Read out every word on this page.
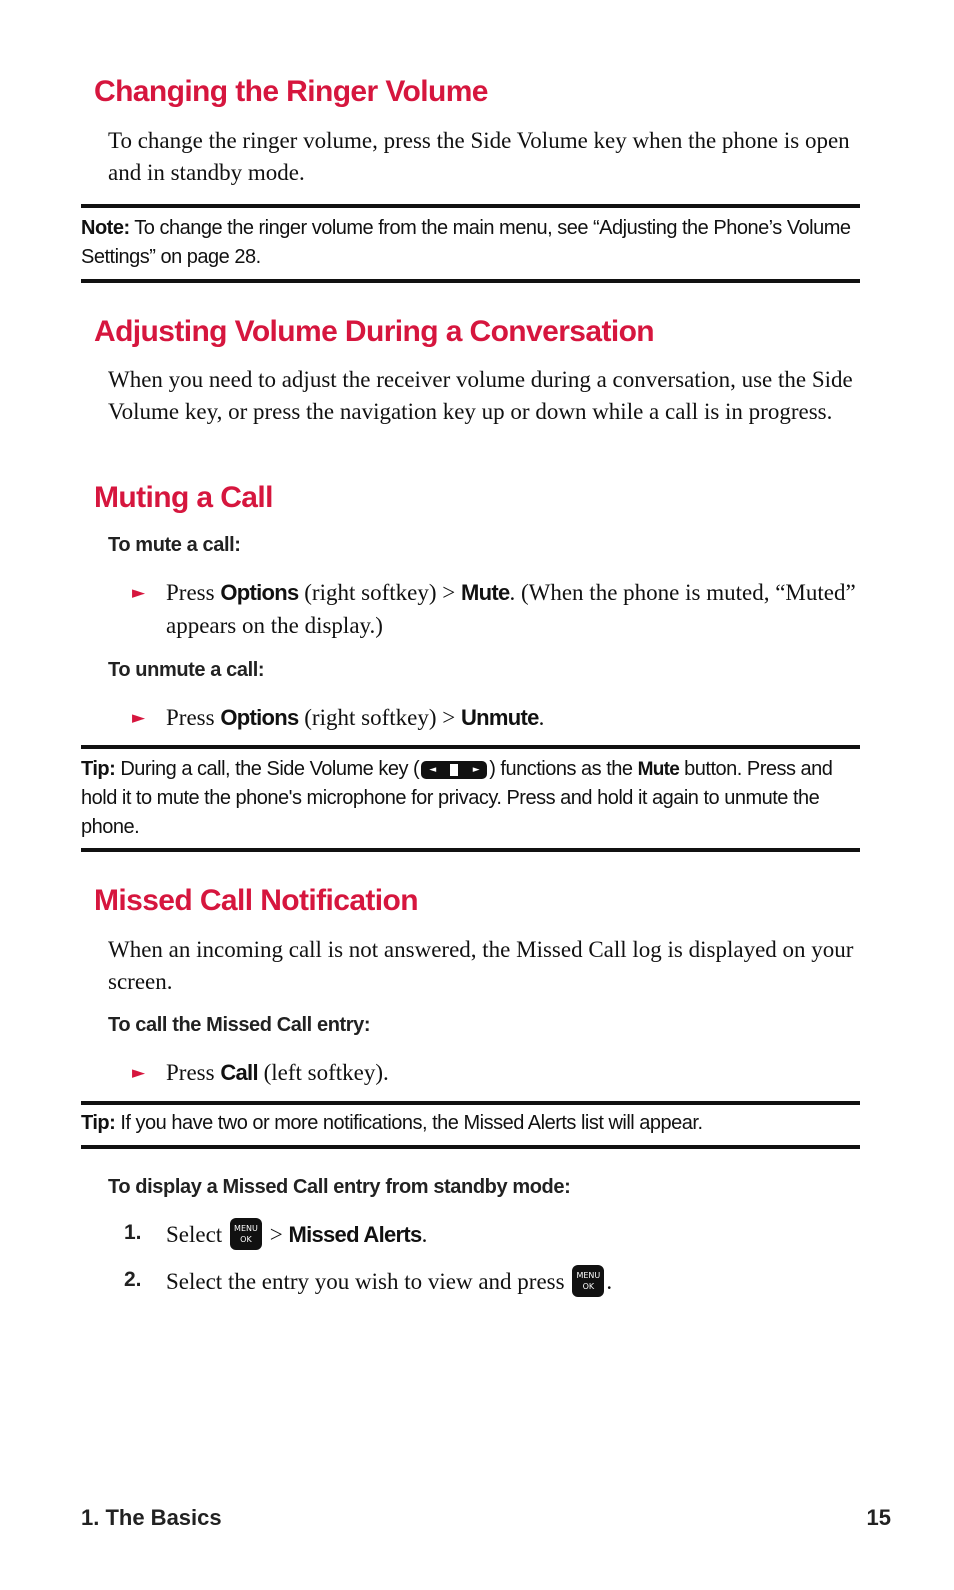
Changing the Ringer Volume

To change the ringer volume, press the Side Volume key when the phone is open and in standby mode.

Note: To change the ringer volume from the main menu, see “Adjusting the Phone’s Volume Settings” on page 28.
Adjusting Volume During a Conversation

When you need to adjust the receiver volume during a conversation, use the Side Volume key, or press the navigation key up or down while a call is in progress.

Muting a Call
To mute a call:
► Press Options (right softkey) > Mute. (When the phone is muted, “Muted” appears on the display.)
To unmute a call:
► Press Options (right softkey) > Unmute.
Tip: During a call, the Side Volume key ( ◄	► ) functions as the Mute button. Press and hold it to mute the phone's microphone for privacy. Press and hold it again to unmute the phone.
Missed Call Notification

When an incoming call is not answered, the Missed Call log is displayed on your screen.

To call the Missed Call entry:
► Press Call (left softkey).
Tip: If you have two or more notifications, the Missed Alerts list will appear.
To display a Missed Call entry from standby mode:
1. Select MENU
OK > Missed Alerts.
2. Select the entry you wish to view and press MENU
OK .
1. The Basics	15
